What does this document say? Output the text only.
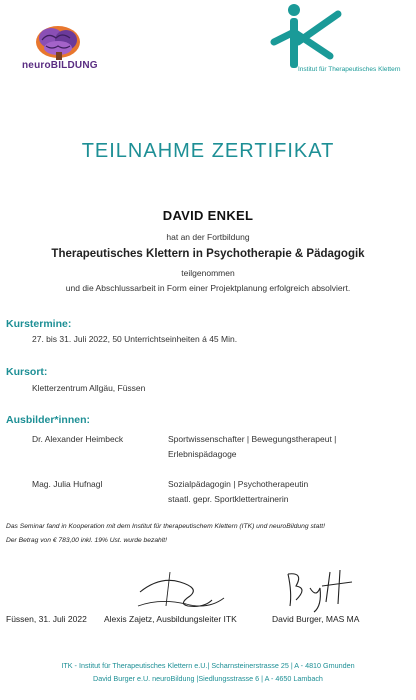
neuroBILDUNG	Institut für Therapeutisches Klettern
TEILNAHME ZERTIFIKAT
DAVID ENKEL
hat an der Fortbildung
Therapeutisches Klettern in Psychotherapie & Pädagogik
teilgenommen
und die Abschlussarbeit in Form einer Projektplanung erfolgreich absolviert.
Kurstermine:
27. bis 31. Juli 2022, 50 Unterrichtseinheiten á 45 Min.
Kursort:
Kletterzentrum Allgäu, Füssen
Ausbilder*innen:
Dr. Alexander Heimbeck	Sportwissenschafter | Bewegungstherapeut |
Erlebnispädagoge
Mag. Julia Hufnagl	Sozialpädagogin | Psychotherapeutin
staatl. gepr. Sportklettertrainerin
Das Seminar fand in Kooperation mit dem Institut für therapeutischem Klettern (ITK) und neuroBildung statt!
Der Betrag von € 783,00 inkl. 19% Ust. wurde bezahlt!
Füssen, 31. Juli 2022 Alexis Zajetz, Ausbildungsleiter ITK	David Burger, MAS MA
ITK - Institut für Therapeutisches Klettern e.U.| Scharnsteinerstrasse 25 | A - 4810 Gmunden
David Burger e.U. neuroBildung |Siedlungsstrasse 6 | A - 4650 Lambach
